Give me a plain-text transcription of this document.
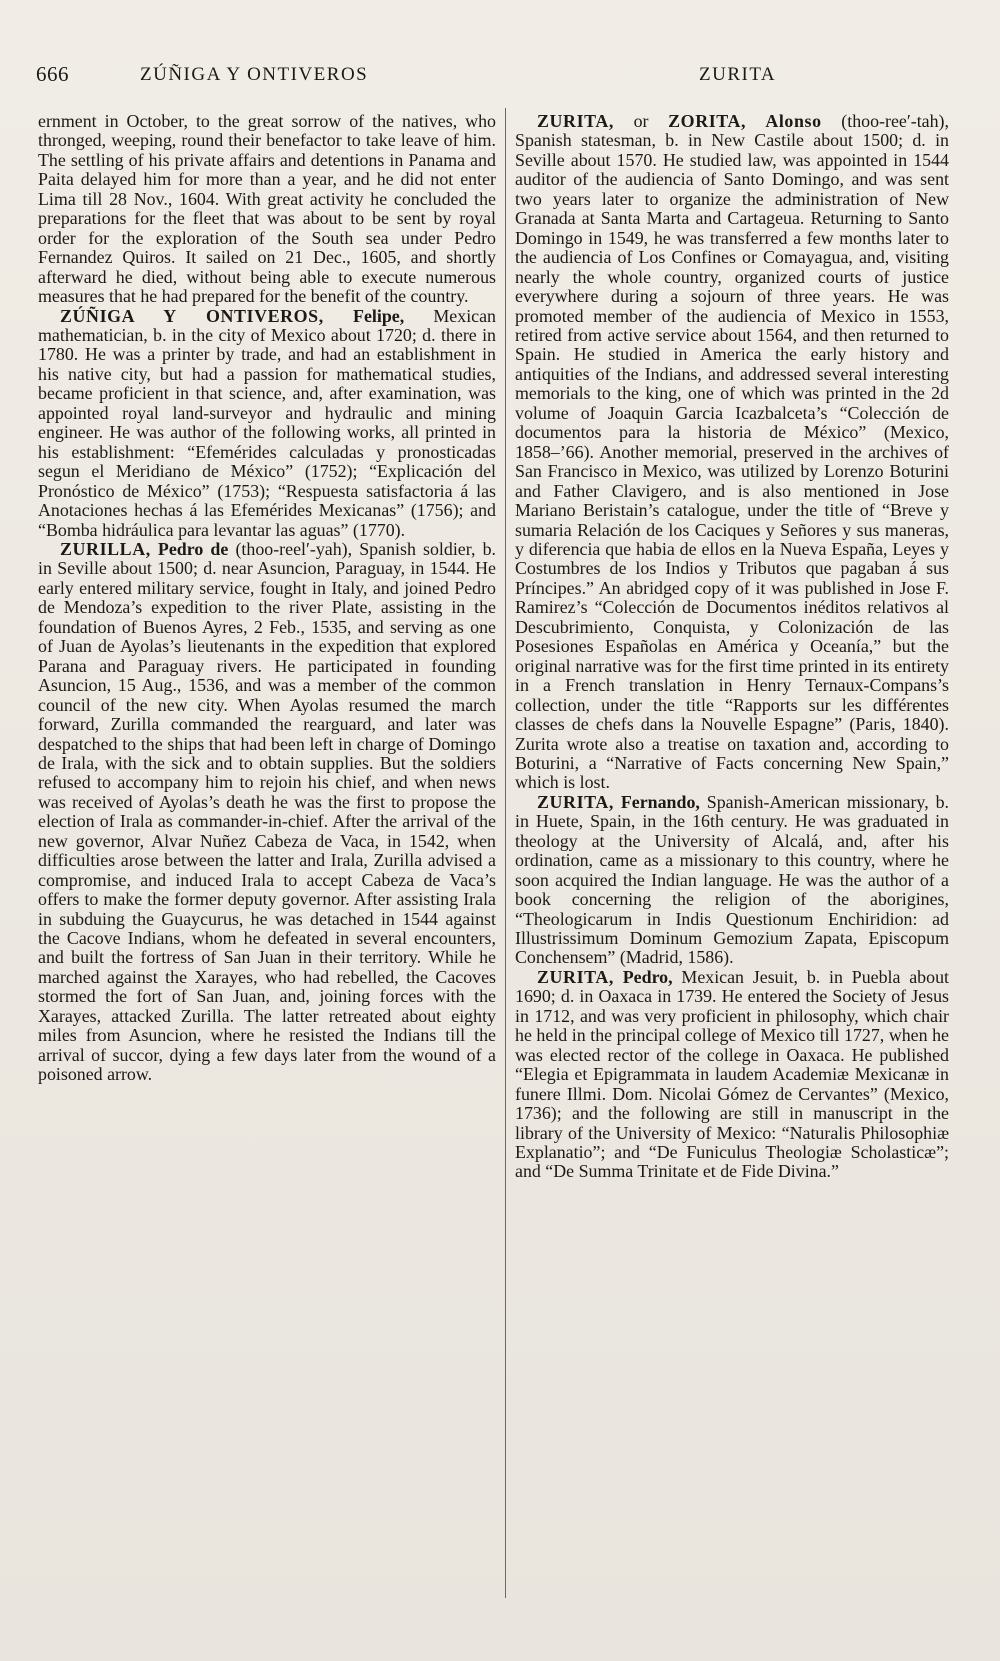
666	ZÚÑIGA Y ONTIVEROS	ZURITA

ernment in October, to the great sorrow of the natives, who thronged, weeping, round their benefactor to take leave of him. The settling of his private affairs and detentions in Panama and Paita delayed him for more than a year, and he did not enter Lima till 28 Nov., 1604. With great activity he concluded the preparations for the fleet that was about to be sent by royal order for the exploration of the South sea under Pedro Fernandez Quiros. It sailed on 21 Dec., 1605, and shortly afterward he died, without being able to execute numerous measures that he had prepared for the benefit of the country.

ZÚÑIGA Y ONTIVEROS, Felipe, Mexican mathematician, b. in the city of Mexico about 1720; d. there in 1780. He was a printer by trade, and had an establishment in his native city, but had a passion for mathematical studies, became proficient in that science, and, after examination, was appointed royal land-surveyor and hydraulic and mining engineer. He was author of the following works, all printed in his establishment: “Efemérides calculadas y pronosticadas segun el Meridiano de México” (1752); “Explicación del Pronóstico de México” (1753); “Respuesta satisfactoria á las Anotaciones hechas á las Efemérides Mexicanas” (1756); and “Bomba hidráulica para levantar las aguas” (1770).

ZURILLA, Pedro de (thoo-reel′-yah), Spanish soldier, b. in Seville about 1500; d. near Asuncion, Paraguay, in 1544. He early entered military service, fought in Italy, and joined Pedro de Mendoza’s expedition to the river Plate, assisting in the foundation of Buenos Ayres, 2 Feb., 1535, and serving as one of Juan de Ayolas’s lieutenants in the expedition that explored Parana and Paraguay rivers. He participated in founding Asuncion, 15 Aug., 1536, and was a member of the common council of the new city. When Ayolas resumed the march forward, Zurilla commanded the rearguard, and later was despatched to the ships that had been left in charge of Domingo de Irala, with the sick and to obtain supplies. But the soldiers refused to accompany him to rejoin his chief, and when news was received of Ayolas’s death he was the first to propose the election of Irala as commander-in-chief. After the arrival of the new governor, Alvar Nuñez Cabeza de Vaca, in 1542, when difficulties arose between the latter and Irala, Zurilla advised a compromise, and induced Irala to accept Cabeza de Vaca’s offers to make the former deputy governor. After assisting Irala in subduing the Guaycurus, he was detached in 1544 against the Cacove Indians, whom he defeated in several encounters, and built the fortress of San Juan in their territory. While he marched against the Xarayes, who had rebelled, the Cacoves stormed the fort of San Juan, and, joining forces with the Xarayes, attacked Zurilla. The latter retreated about eighty miles from Asuncion, where he resisted the Indians till the arrival of succor, dying a few days later from the wound of a poisoned arrow.

ZURITA, or ZORITA, Alonso (thoo-ree′-tah), Spanish statesman, b. in New Castile about 1500; d. in Seville about 1570. He studied law, was appointed in 1544 auditor of the audiencia of Santo Domingo, and was sent two years later to organize the administration of New Granada at Santa Marta and Cartageua. Returning to Santo Domingo in 1549, he was transferred a few months later to the audiencia of Los Confines or Comayagua, and, visiting nearly the whole country, organized courts of justice everywhere during a sojourn of three years. He was promoted member of the audiencia of Mexico in 1553, retired from active service about 1564, and then returned to Spain. He studied in America the early history and antiquities of the Indians, and addressed several interesting memorials to the king, one of which was printed in the 2d volume of Joaquin Garcia Icazbalceta’s “Colección de documentos para la historia de México” (Mexico, 1858–’66). Another memorial, preserved in the archives of San Francisco in Mexico, was utilized by Lorenzo Boturini and Father Clavigero, and is also mentioned in Jose Mariano Beristain’s catalogue, under the title of “Breve y sumaria Relación de los Caciques y Señores y sus maneras, y diferencia que habia de ellos en la Nueva España, Leyes y Costumbres de los Indios y Tributos que pagaban á sus Príncipes.” An abridged copy of it was published in Jose F. Ramirez’s “Colección de Documentos inéditos relativos al Descubrimiento, Conquista, y Colonización de las Posesiones Españolas en América y Oceanía,” but the original narrative was for the first time printed in its entirety in a French translation in Henry Ternaux-Compans’s collection, under the title “Rapports sur les différentes classes de chefs dans la Nouvelle Espagne” (Paris, 1840). Zurita wrote also a treatise on taxation and, according to Boturini, a “Narrative of Facts concerning New Spain,” which is lost.

ZURITA, Fernando, Spanish-American missionary, b. in Huete, Spain, in the 16th century. He was graduated in theology at the University of Alcalá, and, after his ordination, came as a missionary to this country, where he soon acquired the Indian language. He was the author of a book concerning the religion of the aborigines, “Theologicarum in Indis Questionum Enchiridion: ad Illustrissimum Dominum Gemozium Zapata, Episcopum Conchensem” (Madrid, 1586).

ZURITA, Pedro, Mexican Jesuit, b. in Puebla about 1690; d. in Oaxaca in 1739. He entered the Society of Jesus in 1712, and was very proficient in philosophy, which chair he held in the principal college of Mexico till 1727, when he was elected rector of the college in Oaxaca. He published “Elegia et Epigrammata in laudem Academiæ Mexicanæ in funere Illmi. Dom. Nicolai Gómez de Cervantes” (Mexico, 1736); and the following are still in manuscript in the library of the University of Mexico: “Naturalis Philosophiæ Explanatio”; and “De Funiculus Theologiæ Scholasticæ”; and “De Summa Trinitate et de Fide Divina.”
